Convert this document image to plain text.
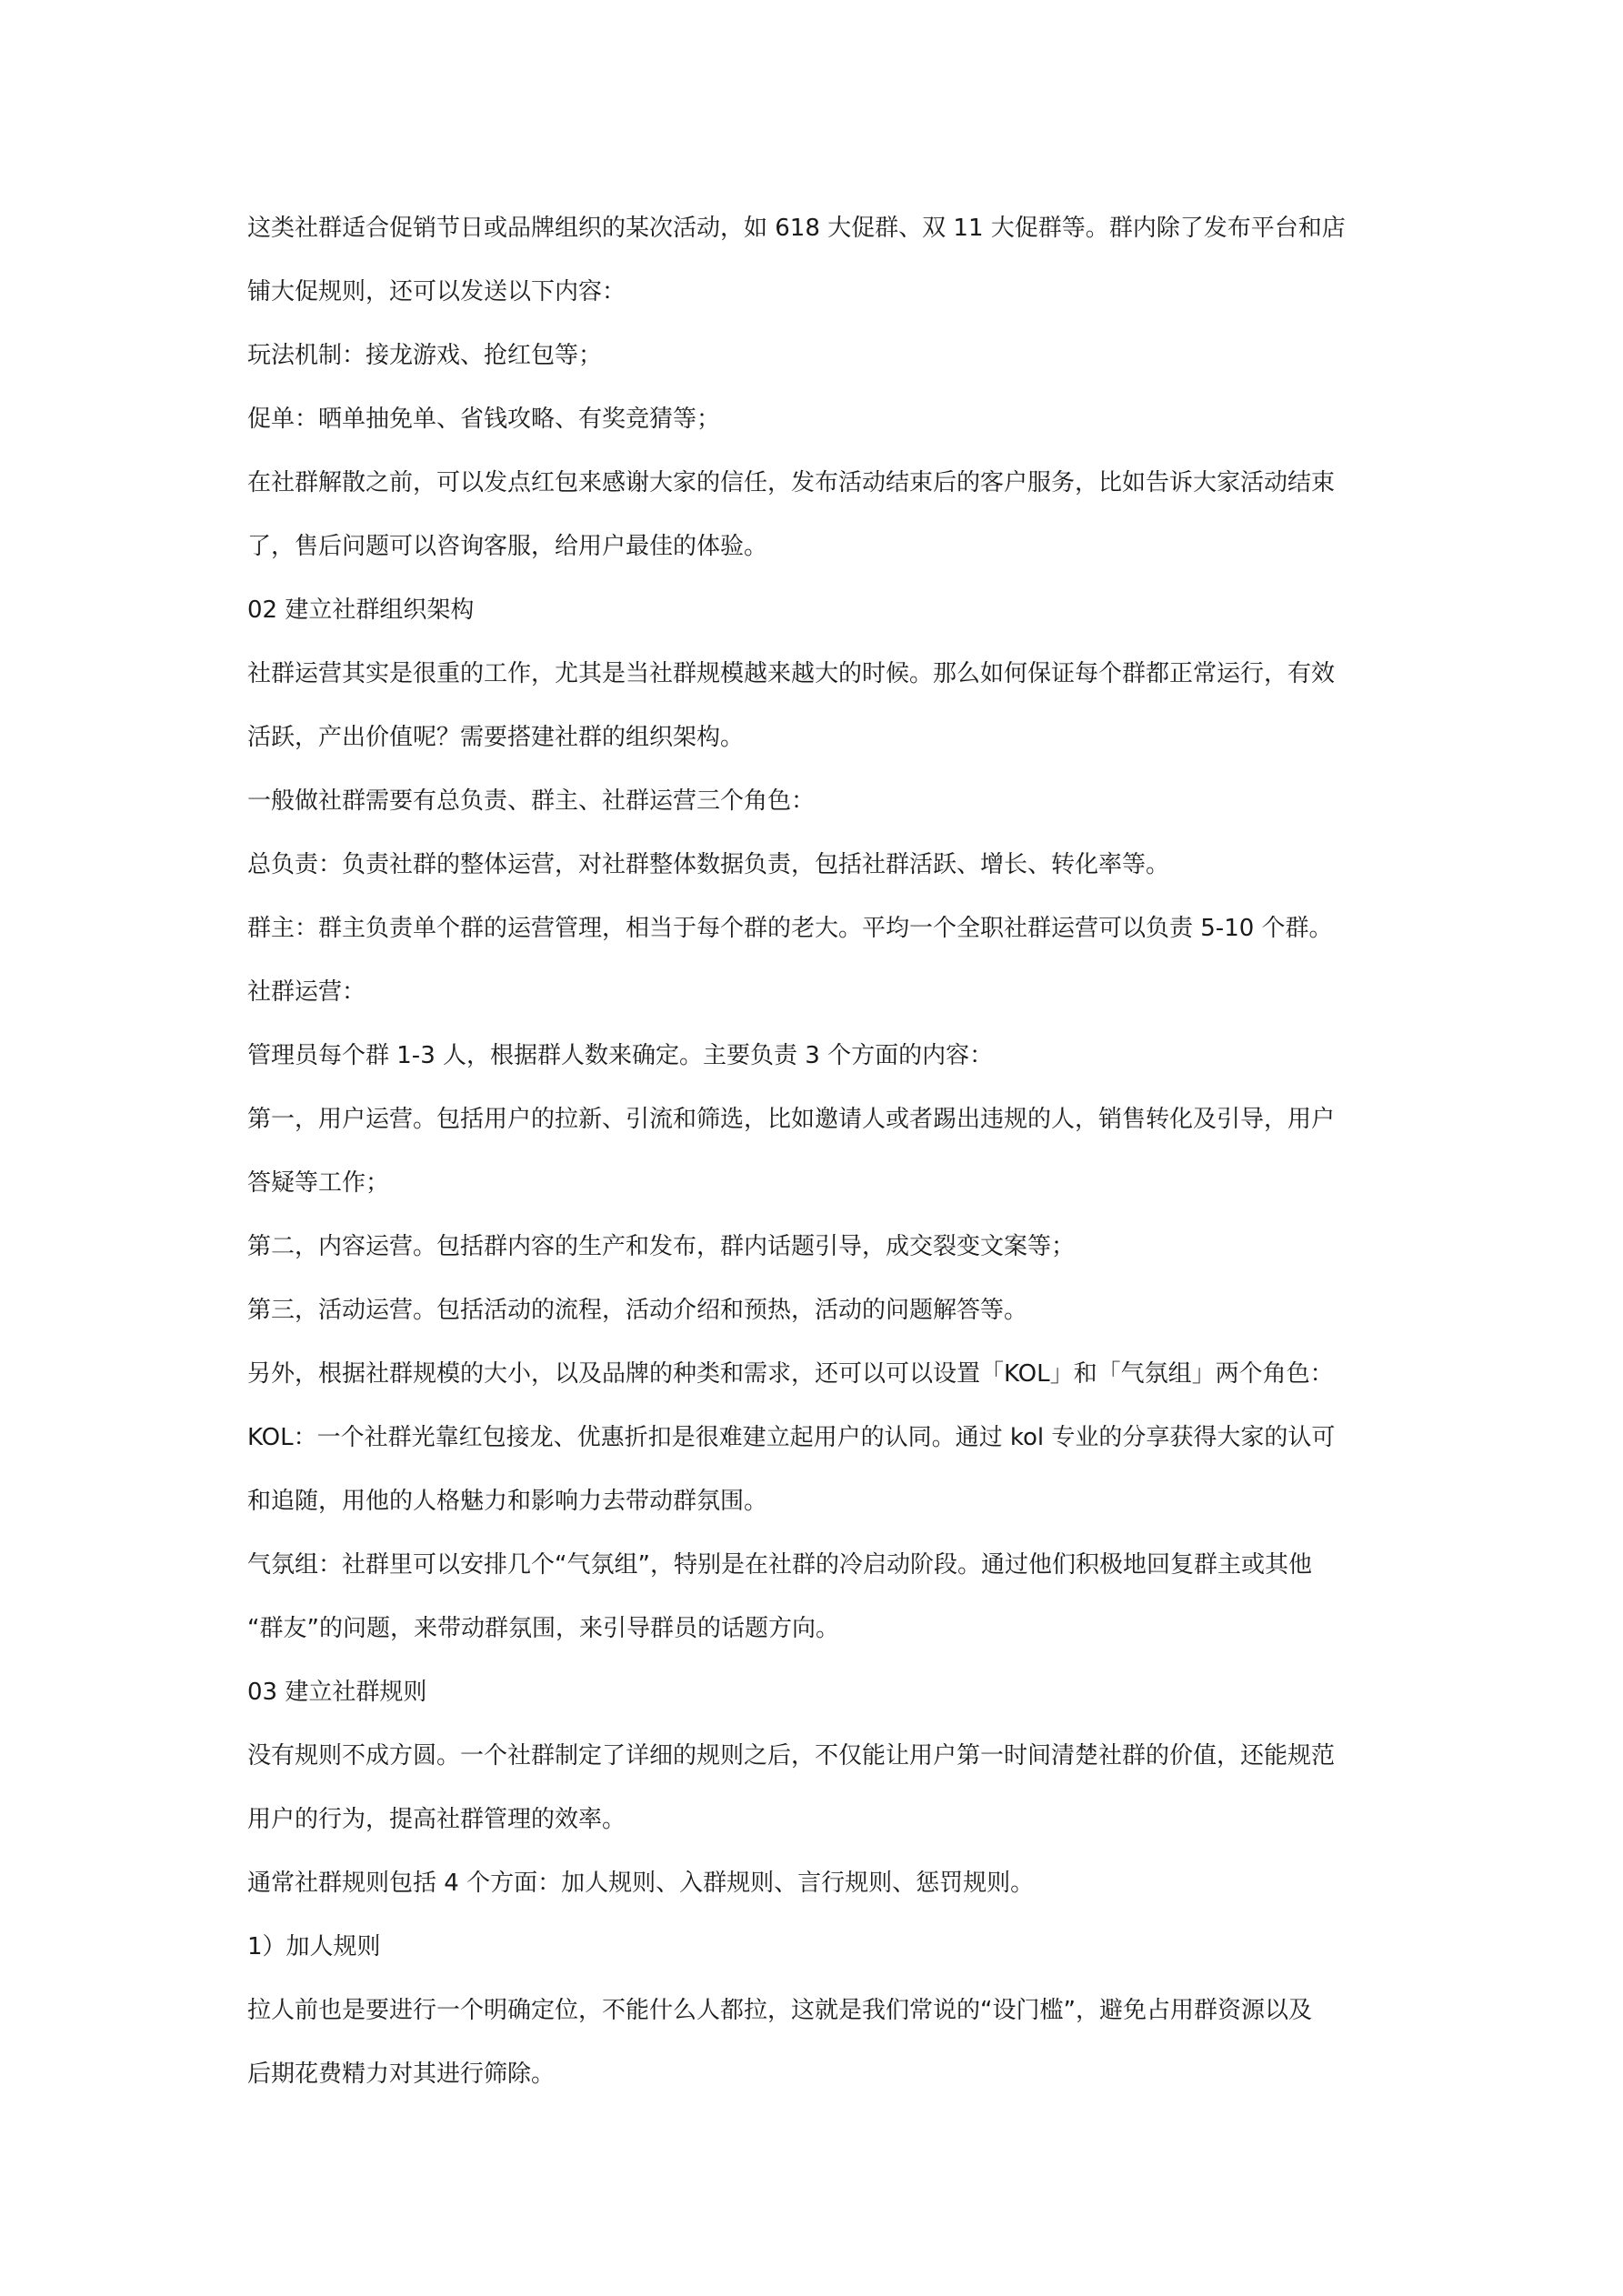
这类社群适合促销节日或品牌组织的某次活动，如 618 大促群、双 11 大促群等。群内除了发布平台和店
铺大促规则，还可以发送以下内容：
玩法机制：接龙游戏、抢红包等；
促单：晒单抽免单、省钱攻略、有奖竞猜等；
在社群解散之前，可以发点红包来感谢大家的信任，发布活动结束后的客户服务，比如告诉大家活动结束
了，售后问题可以咨询客服，给用户最佳的体验。
02 建立社群组织架构
社群运营其实是很重的工作，尤其是当社群规模越来越大的时候。那么如何保证每个群都正常运行，有效
活跃，产出价值呢？需要搭建社群的组织架构。
一般做社群需要有总负责、群主、社群运营三个角色：
总负责：负责社群的整体运营，对社群整体数据负责，包括社群活跃、增长、转化率等。
群主：群主负责单个群的运营管理，相当于每个群的老大。平均一个全职社群运营可以负责 5-10 个群。
社群运营：
管理员每个群 1-3 人，根据群人数来确定。主要负责 3 个方面的内容：
第一，用户运营。包括用户的拉新、引流和筛选，比如邀请人或者踢出违规的人，销售转化及引导，用户
答疑等工作；
第二，内容运营。包括群内容的生产和发布，群内话题引导，成交裂变文案等；
第三，活动运营。包括活动的流程，活动介绍和预热，活动的问题解答等。
另外，根据社群规模的大小，以及品牌的种类和需求，还可以可以设置「KOL」和「气氛组」两个角色：
KOL：一个社群光靠红包接龙、优惠折扣是很难建立起用户的认同。通过 kol 专业的分享获得大家的认可
和追随，用他的人格魅力和影响力去带动群氛围。
气氛组：社群里可以安排几个“气氛组”，特别是在社群的冷启动阶段。通过他们积极地回复群主或其他
“群友”的问题，来带动群氛围，来引导群员的话题方向。
03 建立社群规则
没有规则不成方圆。一个社群制定了详细的规则之后，不仅能让用户第一时间清楚社群的价值，还能规范
用户的行为，提高社群管理的效率。
通常社群规则包括 4 个方面：加人规则、入群规则、言行规则、惩罚规则。
1）加人规则
拉人前也是要进行一个明确定位，不能什么人都拉，这就是我们常说的“设门槛”，避免占用群资源以及
后期花费精力对其进行筛除。
